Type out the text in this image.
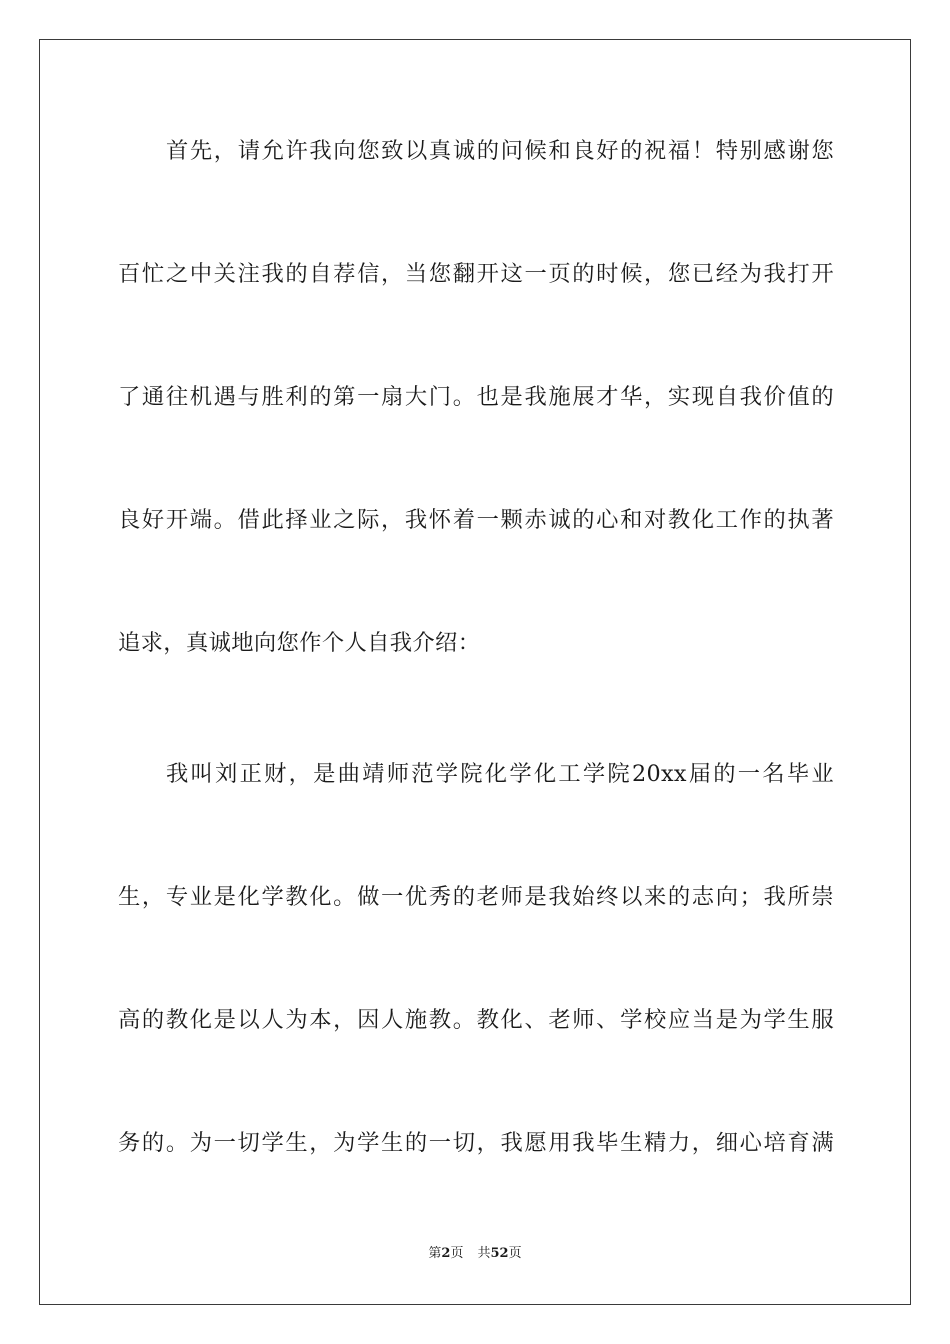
首先，请允许我向您致以真诚的问候和良好的祝福！特别感谢您
百忙之中关注我的自荐信，当您翻开这一页的时候，您已经为我打开
了通往机遇与胜利的第一扇大门。也是我施展才华，实现自我价值的
良好开端。借此择业之际，我怀着一颗赤诚的心和对教化工作的执著
追求，真诚地向您作个人自我介绍：
我叫刘正财，是曲靖师范学院化学化工学院20xx届的一名毕业
生，专业是化学教化。做一优秀的老师是我始终以来的志向；我所崇
高的教化是以人为本，因人施教。教化、老师、学校应当是为学生服
务的。为一切学生，为学生的一切，我愿用我毕生精力，细心培育满
第2页 共52页
